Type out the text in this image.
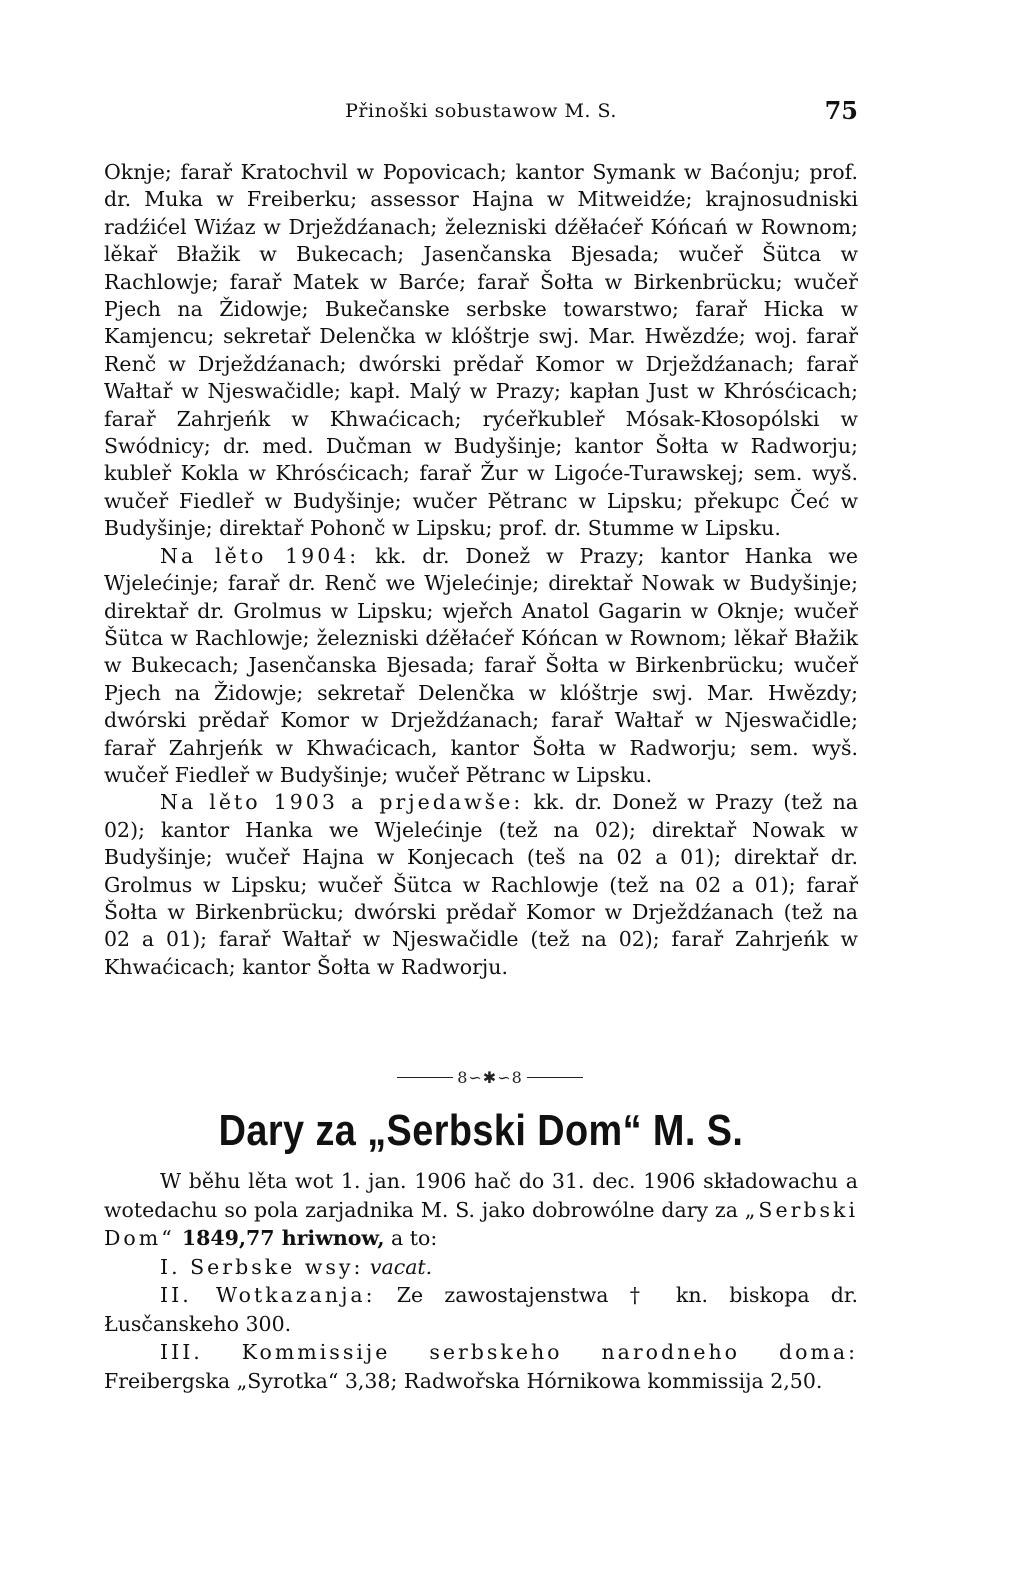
Přinoški sobustawow M. S.	75

Oknje; farař Kratochvil w Popovicach; kantor Symank w Baćonju; prof. dr. Muka w Freiberku; assessor Hajna w Mitweidźe; krajnosudniski radźićel Wiźaz w Drježdźanach; železniski dźěłaćeř Kóńcań w Rownom; lěkař Błažik w Bukecach; Jasenčanska Bjesada; wučeř Šütca w Rachlowje; farař Matek w Barće; farař Šołta w Birkenbrücku; wučeř Pjech na Židowje; Bukečanske serbske towarstwo; farař Hicka w Kamjencu; sekretař Delenčka w klóštrje swj. Mar. Hwězdźe; woj. farař Renč w Drježdźanach; dwórski prědař Komor w Drježdźanach; farař Wałtař w Njeswačidle; kapł. Malý w Prazy; kapłan Just w Khrósćicach; farař Zahrjeńk w Khwaćicach; ryćeřkubleř Mósak-Kłosopólski w Swódnicy; dr. med. Dučman w Budyšinje; kantor Šołta w Radworju; kubleř Kokla w Khrósćicach; farař Žur w Ligoće-Turawskej; sem. wyš. wučeř Fiedleř w Budyšinje; wučer Pětranc w Lipsku; překupc Čeć w Budyšinje; direktař Pohonč w Lipsku; prof. dr. Stumme w Lipsku.

Na lěto 1904: kk. dr. Donež w Prazy; kantor Hanka we Wjelećinje; farař dr. Renč we Wjelećinje; direktař Nowak w Budyšinje; direktař dr. Grolmus w Lipsku; wjeřch Anatol Gagarin w Oknje; wučeř Šütca w Rachlowje; železniski dźěłaćeř Kóńcan w Rownom; lěkař Błažik w Bukecach; Jasenčanska Bjesada; farař Šołta w Birkenbrücku; wučeř Pjech na Židowje; sekretař Delenčka w klóštrje swj. Mar. Hwězdy; dwórski prědař Komor w Drježdźanach; farař Wałtař w Njeswačidle; farař Zahrjeńk w Khwaćicach, kantor Šołta w Radworju; sem. wyš. wučeř Fiedleř w Budyšinje; wučeř Pětranc w Lipsku.

Na lěto 1903 a prjedawše: kk. dr. Donež w Prazy (tež na 02); kantor Hanka we Wjelećinje (tež na 02); direktař Nowak w Budyšinje; wučeř Hajna w Konjecach (teš na 02 a 01); direktař dr. Grolmus w Lipsku; wučeř Šütca w Rachlowje (tež na 02 a 01); farař Šołta w Birkenbrücku; dwórski prědař Komor w Drježdźanach (tež na 02 a 01); farař Wałtař w Njeswačidle (tež na 02); farař Zahrjeńk w Khwaćicach; kantor Šołta w Radworju.

8∽✱∽8
Dary za „Serbski Dom“ M. S.

W běhu lěta wot 1. jan. 1906 hač do 31. dec. 1906 składowachu a wotedachu so pola zarjadnika M. S. jako dobrowólne dary za „Serbski Dom“ 1849,77 hriwnow, a to:

I. Serbske wsy: vacat.

II. Wotkazanja: Ze zawostajenstwa † kn. biskopa dr. Łusčanskeho 300.

III. Kommissije serbskeho narodneho doma: Freibergska „Syrotka“ 3,38; Radwořska Hórnikowa kommissija 2,50.
